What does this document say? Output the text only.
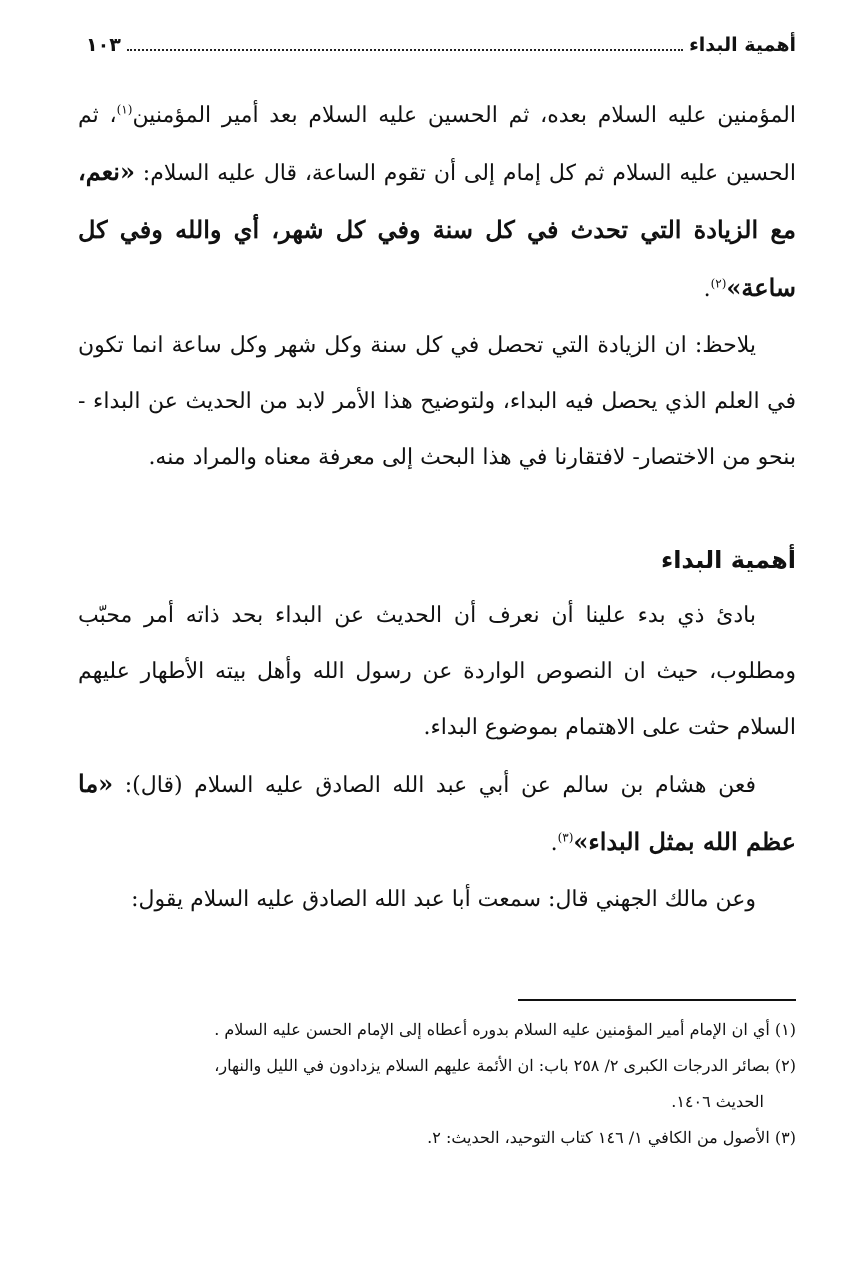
أهمية البداء
١٠٣

المؤمنين عليه السلام بعده، ثم الحسين عليه السلام بعد أمير المؤمنين$^{(١)}$، ثم الحسين عليه السلام ثم كل إمام إلى أن تقوم الساعة، قال عليه السلام: «نعم، مع الزيادة التي تحدث في كل سنة وفي كل شهر، أي والله وفي كل ساعة»$^{(٢)}$.

يلاحظ: ان الزيادة التي تحصل في كل سنة وكل شهر وكل ساعة انما تكون في العلم الذي يحصل فيه البداء، ولتوضيح هذا الأمر لابد من الحديث عن البداء - بنحو من الاختصار- لافتقارنا في هذا البحث إلى معرفة معناه والمراد منه.

أهمية البداء

بادئ ذي بدء علينا أن نعرف أن الحديث عن البداء بحد ذاته أمر محبّب ومطلوب، حيث ان النصوص الواردة عن رسول الله وأهل بيته الأطهار عليهم السلام حثت على الاهتمام بموضوع البداء.

فعن هشام بن سالم عن أبي عبد الله الصادق عليه السلام (قال): «ما عظم الله بمثل البداء»$^{(٣)}$.

وعن مالك الجهني قال: سمعت أبا عبد الله الصادق عليه السلام يقول:

(١) أي ان الإمام أمير المؤمنين عليه السلام بدوره أعطاه إلى الإمام الحسن عليه السلام .

(٢) بصائر الدرجات الكبرى ٢/ ٢٥٨ باب: ان الأئمة عليهم السلام يزدادون في الليل والنهار،

الحديث ١٤٠٦.

(٣) الأصول من الكافي ١/ ١٤٦ كتاب التوحيد، الحديث: ٢.
